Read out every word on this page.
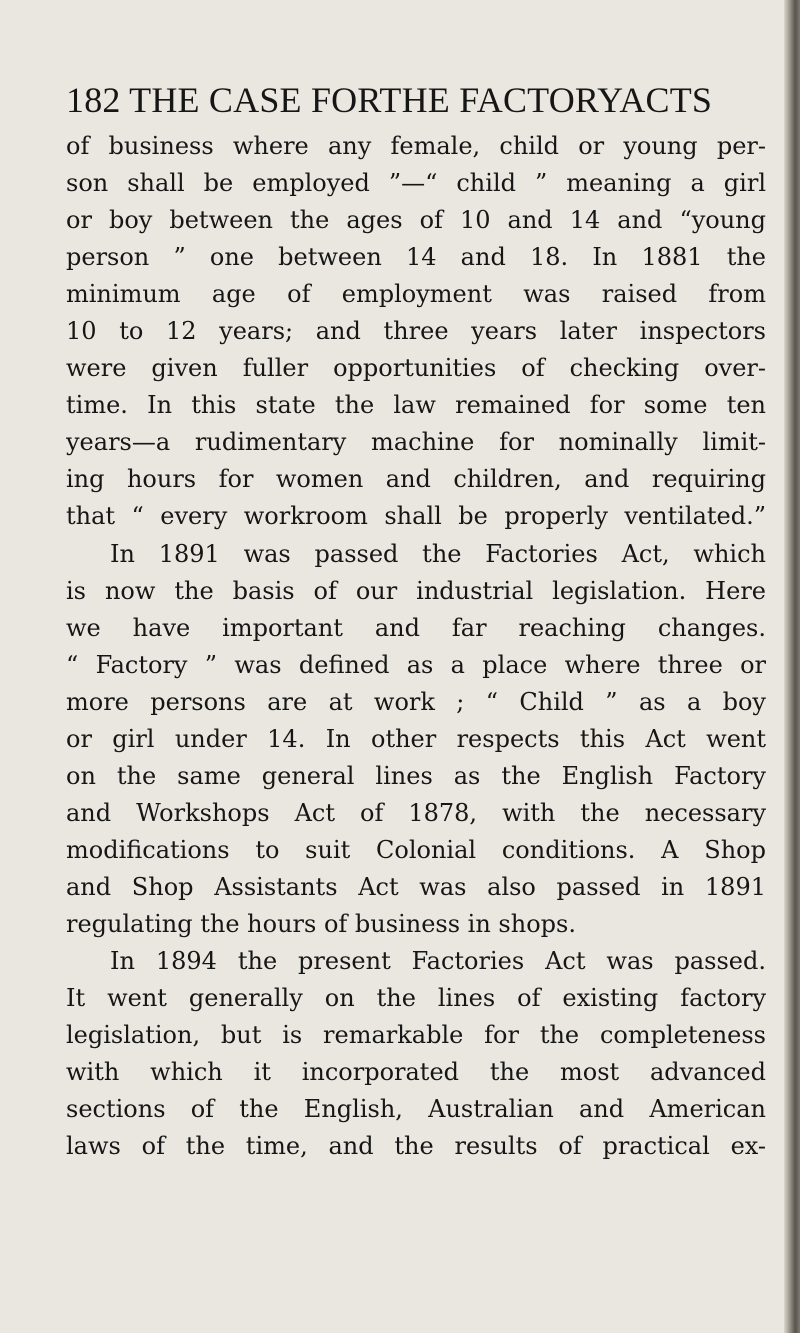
182 THE CASE FORTHE FACTORYACTS
of business where any female, child or young per-
son shall be employed ”—“ child ” meaning a girl
or boy between the ages of 10 and 14 and “young
person ” one between 14 and 18. In 1881 the
minimum age of employment was raised from
10 to 12 years; and three years later inspectors
were given fuller opportunities of checking over-
time. In this state the law remained for some ten
years—a rudimentary machine for nominally limit-
ing hours for women and children, and requiring
that “ every workroom shall be properly ventilated.”
In 1891 was passed the Factories Act, which
is now the basis of our industrial legislation. Here
we have important and far reaching changes.
“ Factory ” was defined as a place where three or
more persons are at work ; “ Child ” as a boy
or girl under 14. In other respects this Act went
on the same general lines as the English Factory
and Workshops Act of 1878, with the necessary
modifications to suit Colonial conditions. A Shop
and Shop Assistants Act was also passed in 1891
regulating the hours of business in shops.
In 1894 the present Factories Act was passed.
It went generally on the lines of existing factory
legislation, but is remarkable for the completeness
with which it incorporated the most advanced
sections of the English, Australian and American
laws of the time, and the results of practical ex-
